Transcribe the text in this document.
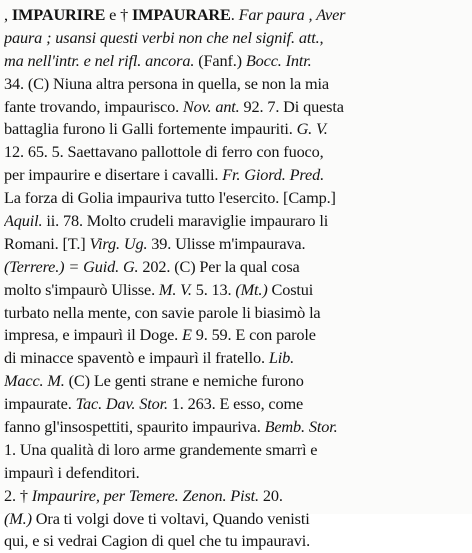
, IMPAURIRE e † IMPAURARE. Far paura , Aver
paura ; usansi questi verbi non che nel signif. att.,
ma nell'intr. e nel rifl. ancora. (Fanf.) Bocc. Intr.
34. (C) Niuna altra persona in quella, se non la mia
fante trovando, impaurisco. Nov. ant. 92. 7. Di questa
battaglia furono li Galli fortemente impauriti. G. V.
12. 65. 5. Saettavano pallottole di ferro con fuoco,
per impaurire e disertare i cavalli. Fr. Giord. Pred.
La forza di Golia impauriva tutto l'esercito. [Camp.]
Aquil. ii. 78. Molto crudeli maraviglie impauraro li
Romani. [T.] Virg. Ug. 39. Ulisse m'impaurava.
(Terrere.) = Guid. G. 202. (C) Per la qual cosa
molto s'impaurò Ulisse. M. V. 5. 13. (Mt.) Costui
turbato nella mente, con savie parole li biasimò la
impresa, e impaurì il Doge. E 9. 59. E con parole
di minacce spaventò e impaurì il fratello. Lib.
Macc. M. (C) Le genti strane e nemiche furono
impaurate. Tac. Dav. Stor. 1. 263. E esso, come
fanno gl'insospettiti, spaurito impauriva. Bemb. Stor.
1. Una qualità di loro arme grandemente smarrì e
impaurì i defenditori.
2. † Impaurire, per Temere. Zenon. Pist. 20.
(M.) Ora ti volgi dove ti voltavi, Quando venisti
qui, e si vedrai Cagion di quel che tu impauravi.
